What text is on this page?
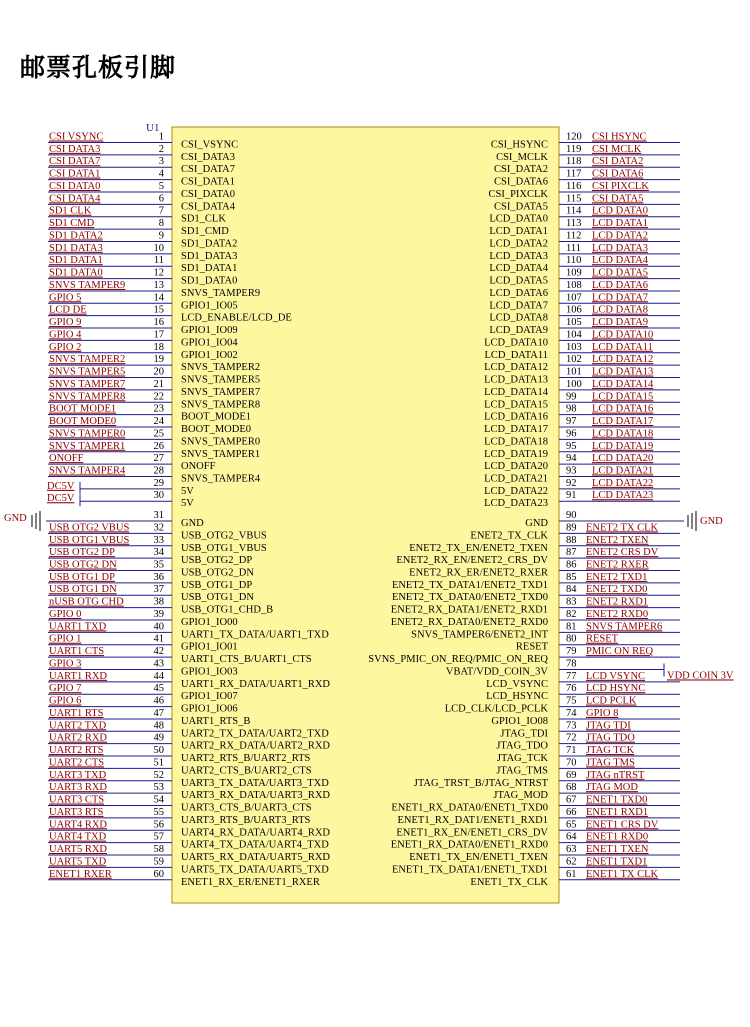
邮票孔板引脚
U1
1
CSI_VSYNC
CSI VSYNC
2
CSI_DATA3
CSI DATA3
3
CSI_DATA7
CSI DATA7
4
CSI_DATA1
CSI DATA1
5
CSI_DATA0
CSI DATA0
6
CSI_DATA4
CSI DATA4
7
SD1_CLK
SD1 CLK
8
SD1_CMD
SD1 CMD
9
SD1_DATA2
SD1 DATA2
10
SD1_DATA3
SD1 DATA3
11
SD1_DATA1
SD1 DATA1
12
SD1_DATA0
SD1 DATA0
13
SNVS_TAMPER9
SNVS TAMPER9
14
GPIO1_IO05
GPIO 5
15
LCD_ENABLE/LCD_DE
LCD DE
16
GPIO1_IO09
GPIO 9
17
GPIO1_IO04
GPIO 4
18
GPIO1_IO02
GPIO 2
19
SNVS_TAMPER2
SNVS TAMPER2
20
SNVS_TAMPER5
SNVS TAMPER5
21
SNVS_TAMPER7
SNVS TAMPER7
22
SNVS_TAMPER8
SNVS TAMPER8
23
BOOT_MODE1
BOOT MODE1
24
BOOT_MODE0
BOOT MODE0
25
SNVS_TAMPER0
SNVS TAMPER0
26
SNVS_TAMPER1
SNVS TAMPER1
27
ONOFF
ONOFF
28
SNVS_TAMPER4
SNVS TAMPER4
29
5V
DC5V
30
5V
DC5V
31
GND
GND
32
USB_OTG2_VBUS
USB OTG2 VBUS
33
USB_OTG1_VBUS
USB OTG1 VBUS
34
USB_OTG2_DP
USB OTG2 DP
35
USB_OTG2_DN
USB OTG2 DN
36
USB_OTG1_DP
USB OTG1 DP
37
USB_OTG1_DN
USB OTG1 DN
38
USB_OTG1_CHD_B
nUSB OTG CHD
39
GPIO1_IO00
GPIO 0
40
UART1_TX_DATA/UART1_TXD
UART1 TXD
41
GPIO1_IO01
GPIO 1
42
UART1_CTS_B/UART1_CTS
UART1 CTS
43
GPIO1_IO03
GPIO 3
44
UART1_RX_DATA/UART1_RXD
UART1 RXD
45
GPIO1_IO07
GPIO 7
46
GPIO1_IO06
GPIO 6
47
UART1_RTS_B
UART1 RTS
48
UART2_TX_DATA/UART2_TXD
UART2 TXD
49
UART2_RX_DATA/UART2_RXD
UART2 RXD
50
UART2_RTS_B/UART2_RTS
UART2 RTS
51
UART2_CTS_B/UART2_CTS
UART2 CTS
52
UART3_TX_DATA/UART3_TXD
UART3 TXD
53
UART3_RX_DATA/UART3_RXD
UART3 RXD
54
UART3_CTS_B/UART3_CTS
UART3 CTS
55
UART3_RTS_B/UART3_RTS
UART3 RTS
56
UART4_RX_DATA/UART4_RXD
UART4 RXD
57
UART4_TX_DATA/UART4_TXD
UART4 TXD
58
UART5_RX_DATA/UART5_RXD
UART5 RXD
59
UART5_TX_DATA/UART5_TXD
UART5 TXD
60
ENET1_RX_ER/ENET1_RXER
ENET1 RXER
120
CSI_HSYNC
CSI HSYNC
119
CSI_MCLK
CSI MCLK
118
CSI_DATA2
CSI DATA2
117
CSI_DATA6
CSI DATA6
116
CSI_PIXCLK
CSI PIXCLK
115
CSI_DATA5
CSI DATA5
114
LCD_DATA0
LCD DATA0
113
LCD_DATA1
LCD DATA1
112
LCD_DATA2
LCD DATA2
111
LCD_DATA3
LCD DATA3
110
LCD_DATA4
LCD DATA4
109
LCD_DATA5
LCD DATA5
108
LCD_DATA6
LCD DATA6
107
LCD_DATA7
LCD DATA7
106
LCD_DATA8
LCD DATA8
105
LCD_DATA9
LCD DATA9
104
LCD_DATA10
LCD DATA10
103
LCD_DATA11
LCD DATA11
102
LCD_DATA12
LCD DATA12
101
LCD_DATA13
LCD DATA13
100
LCD_DATA14
LCD DATA14
99
LCD_DATA15
LCD DATA15
98
LCD_DATA16
LCD DATA16
97
LCD_DATA17
LCD DATA17
96
LCD_DATA18
LCD DATA18
95
LCD_DATA19
LCD DATA19
94
LCD_DATA20
LCD DATA20
93
LCD_DATA21
LCD DATA21
92
LCD_DATA22
LCD DATA22
91
LCD_DATA23
LCD DATA23
90
GND	GND
89
ENET2_TX_CLK
ENET2 TX CLK
88
ENET2_TX_EN/ENET2_TXEN
ENET2 TXEN
87
ENET2_RX_EN/ENET2_CRS_DV
ENET2 CRS DV
86
ENET2_RX_ER/ENET2_RXER
ENET2 RXER
85
ENET2_TX_DATA1/ENET2_TXD1
ENET2 TXD1
84
ENET2_TX_DATA0/ENET2_TXD0
ENET2 TXD0
83
ENET2_RX_DATA1/ENET2_RXD1
ENET2 RXD1
82
ENET2_RX_DATA0/ENET2_RXD0
ENET2 RXD0
81
SNVS_TAMPER6/ENET2_INT
SNVS TAMPER6
80
RESET
RESET
79
SVNS_PMIC_ON_REQ/PMIC_ON_REQ
PMIC ON REQ
78
VBAT/VDD_COIN_3V	VDD COIN 3V
77
LCD_VSYNC
LCD VSYNC
76
LCD_HSYNC
LCD HSYNC
75
LCD_CLK/LCD_PCLK
LCD PCLK
74
GPIO1_IO08
GPIO 8
73
JTAG_TDI
JTAG TDI
72
JTAG_TDO
JTAG TDO
71
JTAG_TCK
JTAG TCK
70
JTAG_TMS
JTAG TMS
69
JTAG_TRST_B/JTAG_NTRST
JTAG nTRST
68
JTAG_MOD
JTAG MOD
67
ENET1_RX_DATA0/ENET1_TXD0
ENET1 TXD0
66
ENET1_RX_DAT1/ENET1_RXD1
ENET1 RXD1
65
ENET1_RX_EN/ENET1_CRS_DV
ENET1 CRS DV
64
ENET1_RX_DATA0/ENET1_RXD0
ENET1 RXD0
63
ENET1_TX_EN/ENET1_TXEN
ENET1 TXEN
62
ENET1_TX_DATA1/ENET1_TXD1
ENET1 TXD1
61
ENET1_TX_CLK
ENET1 TX CLK
